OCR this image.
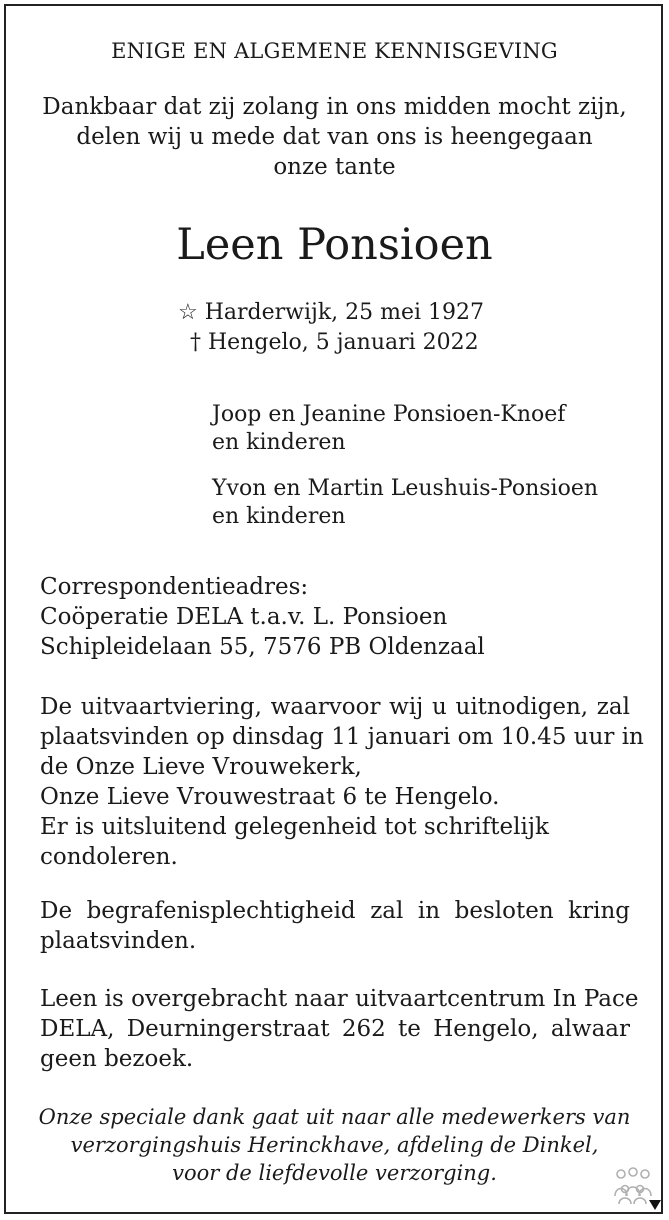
ENIGE EN ALGEMENE KENNISGEVING
Dankbaar dat zij zolang in ons midden mocht zijn,
delen wij u mede dat van ons is heengegaan
onze tante
Leen Ponsioen
☆ Harderwijk, 25 mei 1927
† Hengelo, 5 januari 2022
Joop en Jeanine Ponsioen-Knoef
en kinderen
Yvon en Martin Leushuis-Ponsioen
en kinderen
Correspondentieadres:
Coöperatie DELA t.a.v. L. Ponsioen
Schipleidelaan 55, 7576 PB Oldenzaal
De uitvaartviering, waarvoor wij u uitnodigen, zal
plaatsvinden op dinsdag 11 januari om 10.45 uur in
de Onze Lieve Vrouwekerk,
Onze Lieve Vrouwestraat 6 te Hengelo.
Er is uitsluitend gelegenheid tot schriftelijk
condoleren.
De begrafenisplechtigheid zal in besloten kring
plaatsvinden.
Leen is overgebracht naar uitvaartcentrum In Pace
DELA, Deurningerstraat 262 te Hengelo, alwaar
geen bezoek.
Onze speciale dank gaat uit naar alle medewerkers van
verzorgingshuis Herinckhave, afdeling de Dinkel,
voor de liefdevolle verzorging.
